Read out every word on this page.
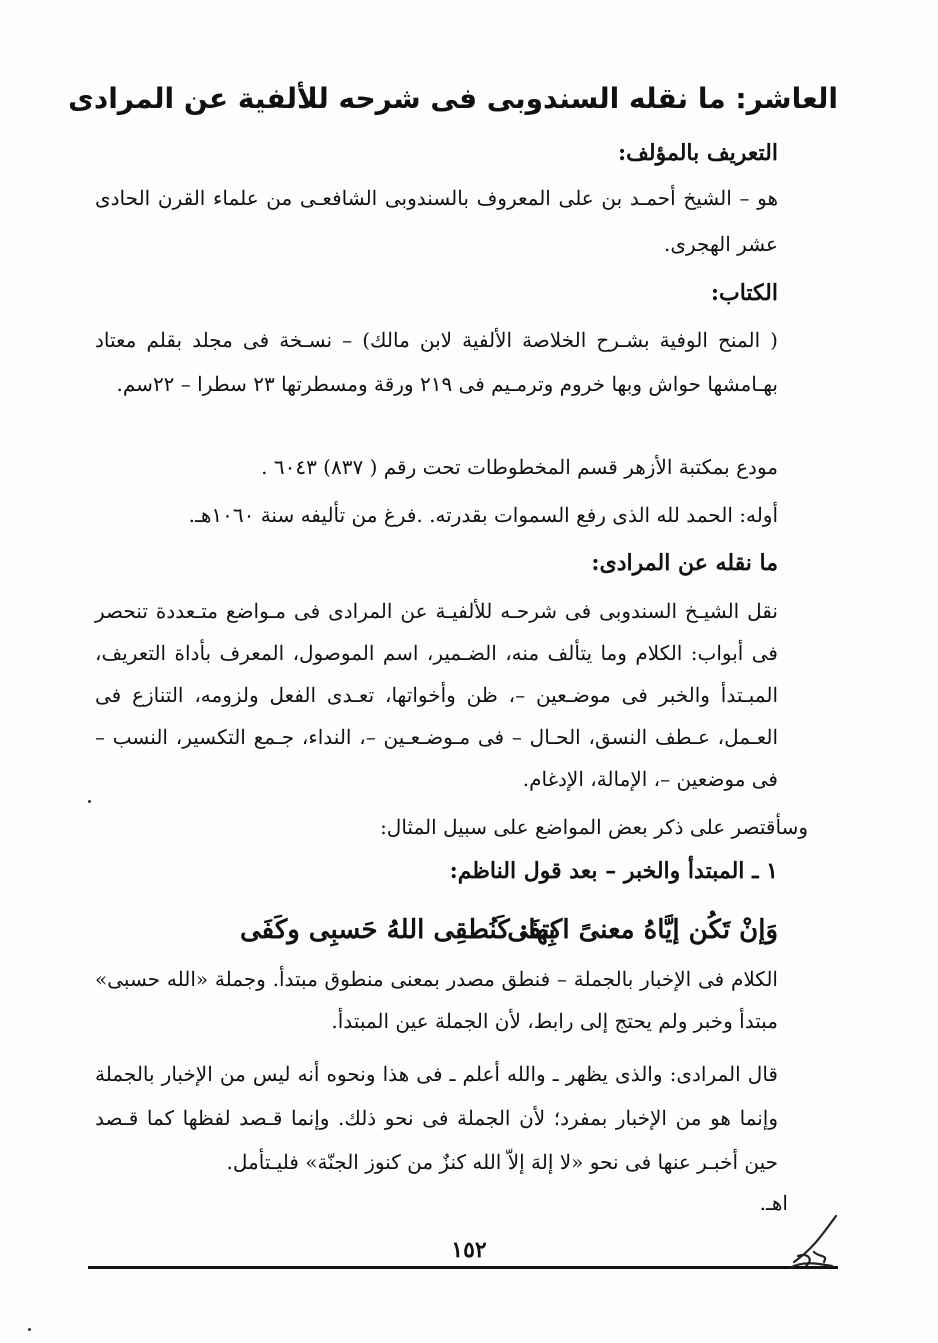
العاشر: ما نقله السندوبى فى شرحه للألفية عن المرادى
التعريف بالمؤلف:
هو – الشيخ أحمـد بن على المعروف بالسندوبى الشافعـى من علماء القرن الحادى عشر الهجرى.
الكتاب:
( المنح الوفية بشـرح الخلاصة الألفية لابن مالك) – نسـخة فى مجلد بقلم معتاد بهـامشها حواش وبها خروم وترمـيم فى ٢١٩ ورقة ومسطرتها ٢٣ سطرا – ٢٢سم.
مودع بمكتبة الأزهر قسم المخطوطات تحت رقم ( ٨٣٧) ٦٠٤٣ .
أوله: الحمد لله الذى رفع السموات بقدرته. .فرغ من تأليفه سنة ١٠٦٠هـ.
ما نقله عن المرادى:
نقل الشيـخ السندوبى فى شرحـه للألفيـة عن المرادى فى مـواضع متـعددة تنحصر فى أبواب: الكلام وما يتألف منه، الضـمير، اسم الموصول، المعرف بأداة التعريف، المبـتدأ والخبر فى موضـعين –، ظن وأخواتها، تعـدى الفعل ولزومه، التنازع فى العـمل، عـطف النسق، الحـال – فى مـوضـعـين –، النداء، جـمع التكسير، النسب – فى موضعين –، الإمالة، الإدغام.
وسأقتصر على ذكر بعض المواضع على سبيل المثال:
١ ـ المبتدأ والخبر – بعد قول الناظم:
وَإنْ تَكُن إيَّاهُ معنىً اكتفَى
بِها: كَنُطقِى اللهُ حَسبِى وكَفَى
الكلام فى الإخبار بالجملة – فنطق مصدر بمعنى منطوق مبتدأ. وجملة «الله حسبى» مبتدأ وخبر ولم يحتج إلى رابط، لأن الجملة عين المبتدأ.
قال المرادى: والذى يظهر ـ والله أعلم ـ فى هذا ونحوه أنه ليس من الإخبار بالجملة وإنما هو من الإخبار بمفرد؛ لأن الجملة فى نحو ذلك. وإنما قـصد لفظها كما قـصد حين أخبـر عنها فى نحو «لا إلهَ إلاّ الله كنزٌ من كنوز الجنّة» فليـتأمل.
اهـ.
١٥٢
